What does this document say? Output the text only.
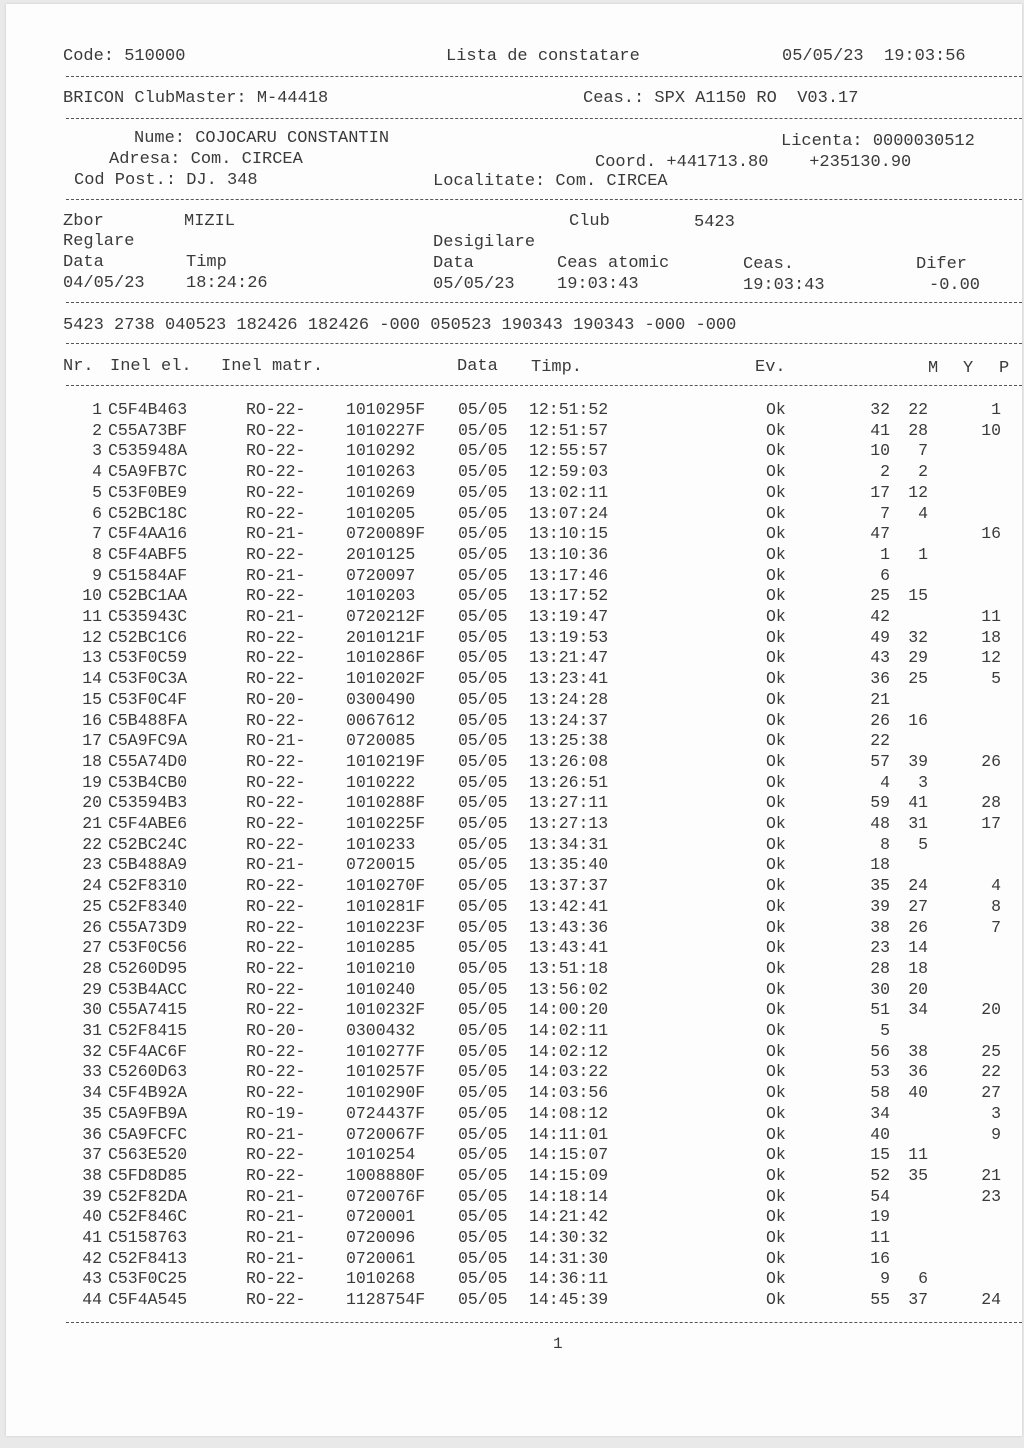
Code: 510000	Lista de constatare	05/05/23  19:03:56
BRICON ClubMaster: M-44418	Ceas.: SPX A1150 RO  V03.17
Nume: COJOCARU CONSTANTIN	Licenta: 0000030512
Adresa: Com. CIRCEA	Coord. +441713.80    +235130.90
Cod Post.: DJ. 348	Localitate: Com. CIRCEA
Zbor	MIZIL	Club	5423
Reglare	Desigilare
Data	Timp	Data	Ceas atomic	Ceas.	Difer
04/05/23 18:24:26	05/05/23 19:03:43	19:03:43	-0.00
5423 2738 040523 182426 182426 -000 050523 190343 190343 -000 -000
Nr. Inel el. Inel matr.	Data Timp.	Ev.	M Y P
1 C5F4B463	RO-22- 1010295F 05/05 12:51:52	Ok	32 22	1
2 C55A73BF	RO-22- 1010227F 05/05 12:51:57	Ok	41 28	10
3 C535948A	RO-22- 1010292	05/05 12:55:57	Ok	10 7
4 C5A9FB7C	RO-22- 1010263	05/05 12:59:03	Ok	2 2
5 C53F0BE9	RO-22- 1010269	05/05 13:02:11	Ok	17 12
6 C52BC18C	RO-22- 1010205	05/05 13:07:24	Ok	7 4
7 C5F4AA16	RO-21- 0720089F 05/05 13:10:15	Ok	47	16
8 C5F4ABF5	RO-22- 2010125	05/05 13:10:36	Ok	1 1
9 C51584AF	RO-21- 0720097	05/05 13:17:46	Ok	6
10 C52BC1AA	RO-22- 1010203	05/05 13:17:52	Ok	25 15
11 C535943C	RO-21- 0720212F 05/05 13:19:47	Ok	42	11
12 C52BC1C6	RO-22- 2010121F 05/05 13:19:53	Ok	49 32	18
13 C53F0C59	RO-22- 1010286F 05/05 13:21:47	Ok	43 29	12
14 C53F0C3A	RO-22- 1010202F 05/05 13:23:41	Ok	36 25	5
15 C53F0C4F	RO-20- 0300490	05/05 13:24:28	Ok	21
16 C5B488FA	RO-22- 0067612	05/05 13:24:37	Ok	26 16
17 C5A9FC9A	RO-21- 0720085	05/05 13:25:38	Ok	22
18 C55A74D0	RO-22- 1010219F 05/05 13:26:08	Ok	57 39	26
19 C53B4CB0	RO-22- 1010222	05/05 13:26:51	Ok	4 3
20 C53594B3	RO-22- 1010288F 05/05 13:27:11	Ok	59 41	28
21 C5F4ABE6	RO-22- 1010225F 05/05 13:27:13	Ok	48 31	17
22 C52BC24C	RO-22- 1010233	05/05 13:34:31	Ok	8 5
23 C5B488A9	RO-21- 0720015	05/05 13:35:40	Ok	18
24 C52F8310	RO-22- 1010270F 05/05 13:37:37	Ok	35 24	4
25 C52F8340	RO-22- 1010281F 05/05 13:42:41	Ok	39 27	8
26 C55A73D9	RO-22- 1010223F 05/05 13:43:36	Ok	38 26	7
27 C53F0C56	RO-22- 1010285	05/05 13:43:41	Ok	23 14
28 C5260D95	RO-22- 1010210	05/05 13:51:18	Ok	28 18
29 C53B4ACC	RO-22- 1010240	05/05 13:56:02	Ok	30 20
30 C55A7415	RO-22- 1010232F 05/05 14:00:20	Ok	51 34	20
31 C52F8415	RO-20- 0300432	05/05 14:02:11	Ok	5
32 C5F4AC6F	RO-22- 1010277F 05/05 14:02:12	Ok	56 38	25
33 C5260D63	RO-22- 1010257F 05/05 14:03:22	Ok	53 36	22
34 C5F4B92A	RO-22- 1010290F 05/05 14:03:56	Ok	58 40	27
35 C5A9FB9A	RO-19- 0724437F 05/05 14:08:12	Ok	34	3
36 C5A9FCFC	RO-21- 0720067F 05/05 14:11:01	Ok	40	9
37 C563E520	RO-22- 1010254	05/05 14:15:07	Ok	15 11
38 C5FD8D85	RO-22- 1008880F 05/05 14:15:09	Ok	52 35	21
39 C52F82DA	RO-21- 0720076F 05/05 14:18:14	Ok	54	23
40 C52F846C	RO-21- 0720001	05/05 14:21:42	Ok	19
41 C5158763	RO-21- 0720096	05/05 14:30:32	Ok	11
42 C52F8413	RO-21- 0720061	05/05 14:31:30	Ok	16
43 C53F0C25	RO-22- 1010268	05/05 14:36:11	Ok	9 6
44 C5F4A545	RO-22- 1128754F 05/05 14:45:39	Ok	55 37	24
1
